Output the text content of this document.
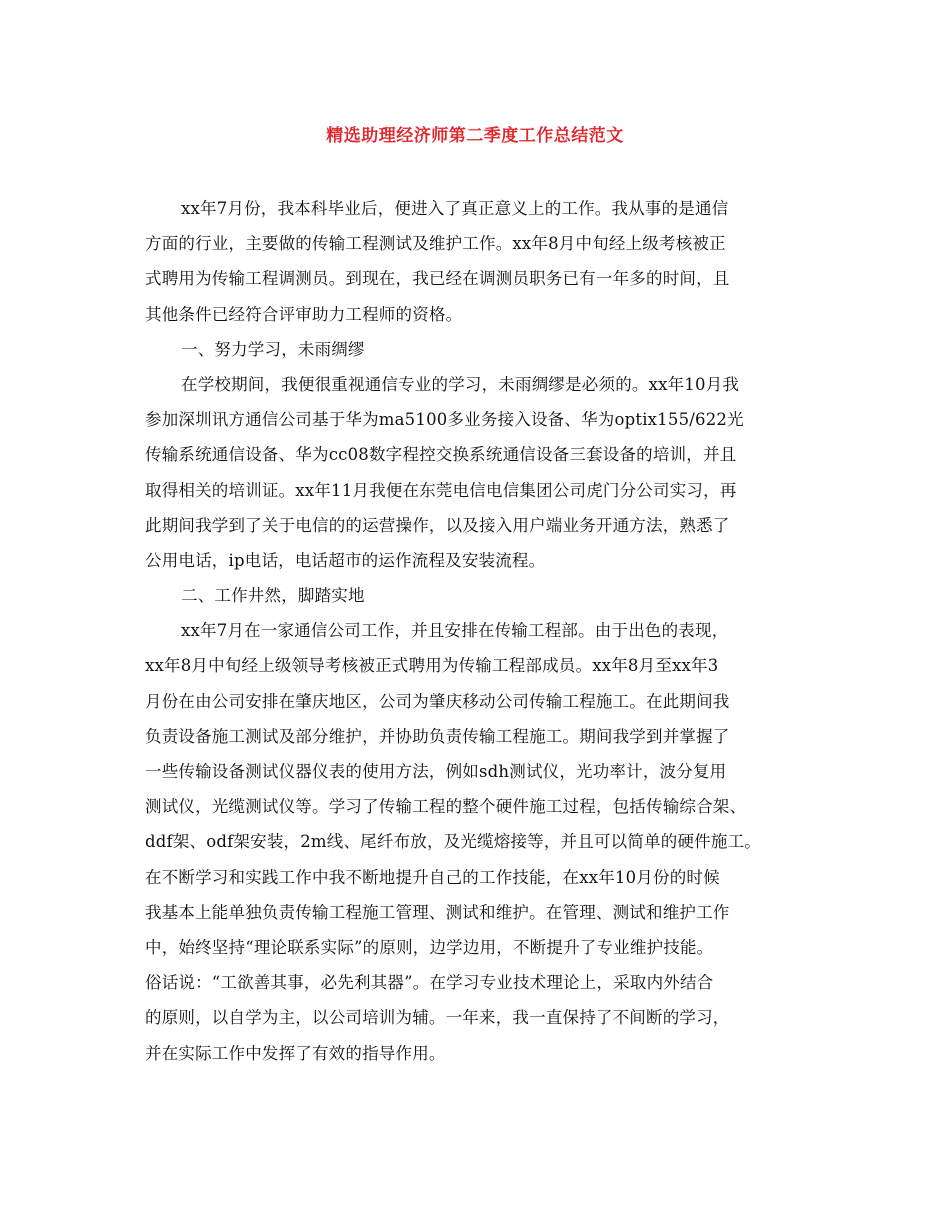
精选助理经济师第二季度工作总结范文
xx年7月份，我本科毕业后，便进入了真正意义上的工作。我从事的是通信
方面的行业，主要做的传输工程测试及维护工作。xx年8月中旬经上级考核被正
式聘用为传输工程调测员。到现在，我已经在调测员职务已有一年多的时间，且
其他条件已经符合评审助力工程师的资格。
一、努力学习，未雨绸缪
在学校期间，我便很重视通信专业的学习，未雨绸缪是必须的。xx年10月我
参加深圳讯方通信公司基于华为ma5100多业务接入设备、华为optix155/622光
传输系统通信设备、华为cc08数字程控交换系统通信设备三套设备的培训，并且
取得相关的培训证。xx年11月我便在东莞电信电信集团公司虎门分公司实习，再
此期间我学到了关于电信的的运营操作，以及接入用户端业务开通方法，熟悉了
公用电话，ip电话，电话超市的运作流程及安装流程。
二、工作井然，脚踏实地
xx年7月在一家通信公司工作，并且安排在传输工程部。由于出色的表现，
xx年8月中旬经上级领导考核被正式聘用为传输工程部成员。xx年8月至xx年3
月份在由公司安排在肇庆地区，公司为肇庆移动公司传输工程施工。在此期间我
负责设备施工测试及部分维护，并协助负责传输工程施工。期间我学到并掌握了
一些传输设备测试仪器仪表的使用方法，例如sdh测试仪，光功率计，波分复用
测试仪，光缆测试仪等。学习了传输工程的整个硬件施工过程，包括传输综合架、
ddf架、odf架安装，2m线、尾纤布放，及光缆熔接等，并且可以简单的硬件施工。
在不断学习和实践工作中我不断地提升自己的工作技能，在xx年10月份的时候
我基本上能单独负责传输工程施工管理、测试和维护。在管理、测试和维护工作
中，始终坚持“理论联系实际”的原则，边学边用，不断提升了专业维护技能。
俗话说：“工欲善其事，必先利其器”。在学习专业技术理论上，采取内外结合
的原则，以自学为主，以公司培训为辅。一年来，我一直保持了不间断的学习，
并在实际工作中发挥了有效的指导作用。
